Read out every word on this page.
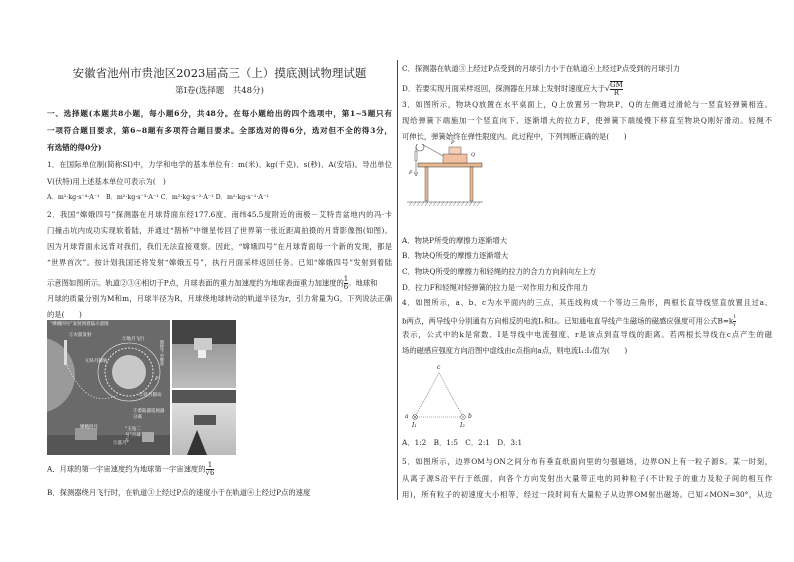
安徽省池州市贵池区2023届高三（上）摸底测试物理试题
第Ⅰ卷(选择题　共48分)
一、选择题(本题共8小题，每小题6分，共48分。在每小题给出的四个选项中，第1~5题只有
一项符合题目要求，第6~8题有多项符合题目要求。全部选对的得6分，选对但不全的得3分，
有选错的得0分)
1．在国际单位制(简称SI)中，力学和电学的基本单位有：m(米)、kg(千克)、s(秒)、A(安培)。导出单位
V(伏特)用上述基本单位可表示为(　)
A．m²·kg·s⁻⁴·A⁻¹　B．m²·kg·s⁻³·A⁻¹ C．m²·kg·s⁻²·A⁻¹ D．m²·kg·s⁻¹·A⁻¹
2．我国“嫦娥四号”探测器在月球背面东经177.6度、南纬45.5度附近的南极－艾特肯盆地内的冯·卡
门撞击坑内成功实现软着陆，并通过“鹊桥”中继星传回了世界第一张近距离拍摄的月背影像图(如图)。
因为月球背面永远背对我们，我们无法直接观察。因此，“嫦娥四号”在月球背面每一个新的发现，都是
“世界首次”。按计划我国还将发射“嫦娥五号”，执行月面采样返回任务。已知“嫦娥四号”发射到着陆
示意图如图所示。轨道②③④相切于P点，月球表面的重力加速度约为地球表面重力加速度的 $\frac{1}{6}$ 。地球和
月球的质量分别为M和m，月球半径为R，月球绕地球转动的轨道半径为r，引力常量为G，下列说法正确
的是(　　)
“嫦娥四号”发射到着陆示意图
①火箭发射
⑤地月飞行
④环月降轨	鹊桥号·中继星
P
②近月制动
③着陆器巡视器分离
嫦娥四号	“玉兔二号”月球车
⑤落月
A．月球的第一宇宙速度约为地球第一宇宙速度的 $\frac{1}{√6}$
B．探测器绕月飞行时，在轨道③上经过P点的速度小于在轨道④上经过P点的速度
C．探测器在轨道③上经过P点受到的月球引力小于在轨道④上经过P点受到的月球引力
D．若要实现月面采样返回，探测器在月球上发射时速度应大于√ $\frac{GM}{R}$
3．如图所示，物块Q放置在水平桌面上，Q上放置另一物块P，Q的左侧通过滑轮与一竖直轻弹簧相连。
现给弹簧下端施加一个竖直向下、逐渐增大的拉力F，使弹簧下端缓慢下移直至物块Q刚好滑动。轻绳不
可伸长，弹簧始终在弹性限度内。此过程中，下列判断正确的是(　　)
P
Q
F
A．物块P所受的摩擦力逐渐增大
B．物块Q所受的摩擦力逐渐增大
C．物块Q所受的摩擦力和轻绳的拉力的合力方向斜向左上方
D．拉力F和轻绳对轻弹簧的拉力是一对作用力和反作用力
4．如图所示，a、b、c为水平面内的三点，其连线构成一个等边三角形，两根长直导线竖直放置且过a、
b两点，两导线中分别通有方向相反的电流I₁和I₂。已知通电直导线产生磁场的磁感应强度可用公式$B=k \frac{I}{r}$
表示，公式中的k是常数、I是导线中电流强度、r是该点到直导线的距离。若两根长导线在c点产生的磁
场的磁感应强度方向沿图中虚线由c点指向a点，则电流I₁:I₂值为(　　)
c
a	b
I₁	I₂
A．1:2　B．1:5　C．2:1　D．3:1
5．如图所示，边界OM与ON之间分布有垂直纸面向里的匀强磁场，边界ON上有一粒子源S。某一时刻，
从离子源S沿平行于纸面，向各个方向发射出大量带正电的同种粒子(不计粒子的重力及粒子间的相互作
用)，所有粒子的初速度大小相等，经过一段时间有大量粒子从边界OM射出磁场。已知∠MON=30°，从边
